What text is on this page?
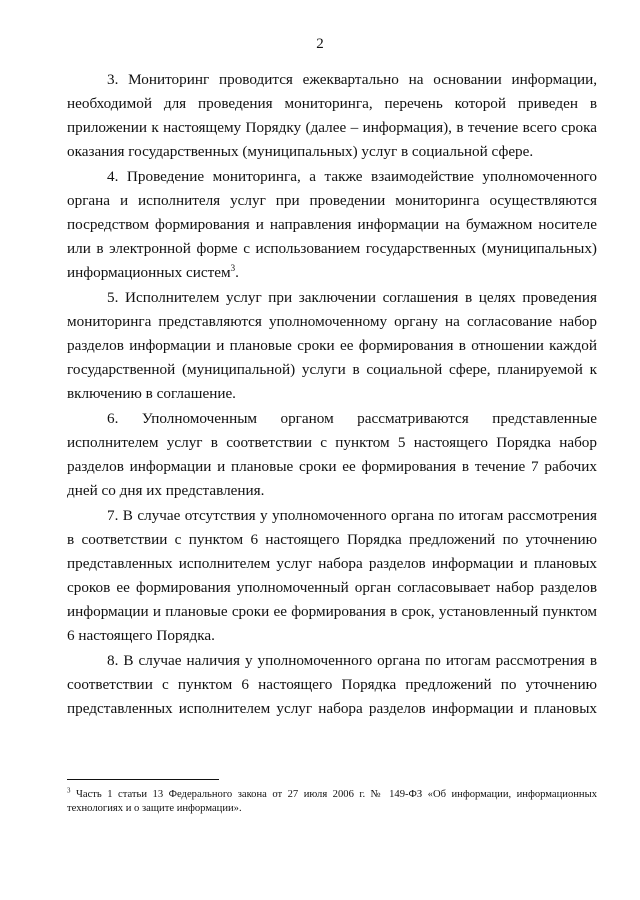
2

3. Мониторинг проводится ежеквартально на основании информации, необходимой для проведения мониторинга, перечень которой приведен в приложении к настоящему Порядку (далее – информация), в течение всего срока оказания государственных (муниципальных) услуг в социальной сфере.

4. Проведение мониторинга, а также взаимодействие уполномоченного органа и исполнителя услуг при проведении мониторинга осуществляются посредством формирования и направления информации на бумажном носителе или в электронной форме с использованием государственных (муниципальных) информационных систем$^3$.

5. Исполнителем услуг при заключении соглашения в целях проведения мониторинга представляются уполномоченному органу на согласование набор разделов информации и плановые сроки ее формирования в отношении каждой государственной (муниципальной) услуги в социальной сфере, планируемой к включению в соглашение.

6. Уполномоченным органом рассматриваются представленные исполнителем услуг в соответствии с пунктом 5 настоящего Порядка набор разделов информации и плановые сроки ее формирования в течение 7 рабочих дней со дня их представления.

7. В случае отсутствия у уполномоченного органа по итогам рассмотрения в соответствии с пунктом 6 настоящего Порядка предложений по уточнению представленных исполнителем услуг набора разделов информации и плановых сроков ее формирования уполномоченный орган согласовывает набор разделов информации и плановые сроки ее формирования в срок, установленный пунктом 6 настоящего Порядка.

8. В случае наличия у уполномоченного органа по итогам рассмотрения в соответствии с пунктом 6 настоящего Порядка предложений по уточнению представленных исполнителем услуг набора разделов информации и плановых

$^3$ Часть 1 статьи 13 Федерального закона от 27 июля 2006 г. № 149-ФЗ «Об информации, информационных технологиях и о защите информации».
